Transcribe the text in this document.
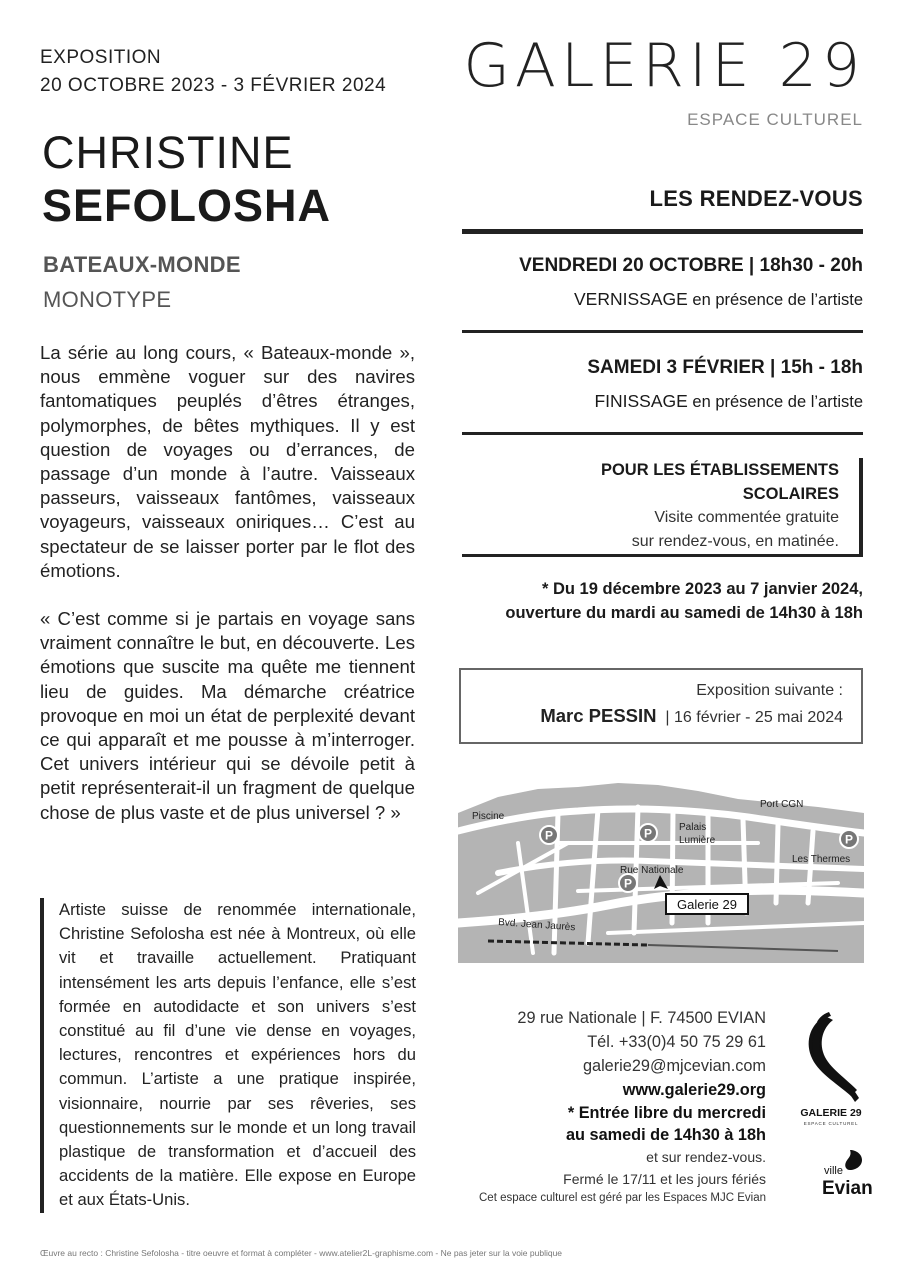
EXPOSITION
20 OCTOBRE 2023 - 3 FÉVRIER 2024
CHRISTINE
SEFOLOSHA
BATEAUX-MONDE
MONOTYPE
La série au long cours, « Bateaux-monde », nous emmène voguer sur des navires fantomatiques peuplés d’êtres étranges, polymorphes, de bêtes mythiques. Il y est question de voyages ou d’errances, de passage d’un monde à l’autre. Vaisseaux passeurs, vaisseaux fantômes, vaisseaux voyageurs, vaisseaux oniriques… C’est au spectateur de se laisser porter par le flot des émotions.
« C’est comme si je partais en voyage sans vraiment connaître le but, en découverte. Les émotions que suscite ma quête me tiennent lieu de guides. Ma démarche créatrice provoque en moi un état de perplexité devant ce qui apparaît et me pousse à m’interroger. Cet univers intérieur qui se dévoile petit à petit représenterait-il un fragment de quelque chose de plus vaste et de plus universel ? »
Artiste suisse de renommée internationale, Christine Sefolosha est née à Montreux, où elle vit et travaille actuellement. Pratiquant intensément les arts depuis l’enfance, elle s’est formée en autodidacte et son univers s’est constitué au fil d’une vie dense en voyages, lectures, rencontres et expériences hors du commun. L’artiste a une pratique inspirée, visionnaire, nourrie par ses rêveries, ses questionnements sur le monde et un long travail plastique de transformation et d’accueil des accidents de la matière. Elle expose en Europe et aux États-Unis.
GALERIE 29
ESPACE CULTUREL
LES RENDEZ-VOUS
VENDREDI 20 OCTOBRE | 18h30 - 20h
VERNISSAGE en présence de l’artiste
SAMEDI 3 FÉVRIER | 15h - 18h
FINISSAGE en présence de l’artiste
POUR LES ÉTABLISSEMENTS SCOLAIRES
Visite commentée gratuite
sur rendez-vous, en matinée.
* Du 19 décembre 2023 au 7 janvier 2024,
ouverture du mardi au samedi de 14h30 à 18h
Exposition suivante :
Marc PESSIN  | 16 février - 25 mai 2024
P	P
P
P
Piscine
Palais
Lumière
Port CGN
Les Thermes
Rue Nationale
Bvd. Jean Jaurès
Galerie 29
29 rue Nationale | F. 74500 EVIAN
Tél. +33(0)4 50 75 29 61
galerie29@mjcevian.com
www.galerie29.org
* Entrée libre du mercredi
au samedi de 14h30 à 18h
et sur rendez-vous.
Fermé le 17/11 et les jours fériés
Cet espace culturel est géré par les Espaces MJC Evian
GALERIE 29
ESPACE CULTUREL
ville
Evian
Œuvre au recto : Christine Sefolosha - titre oeuvre et format à compléter - www.atelier2L-graphisme.com - Ne pas jeter sur la voie publique
